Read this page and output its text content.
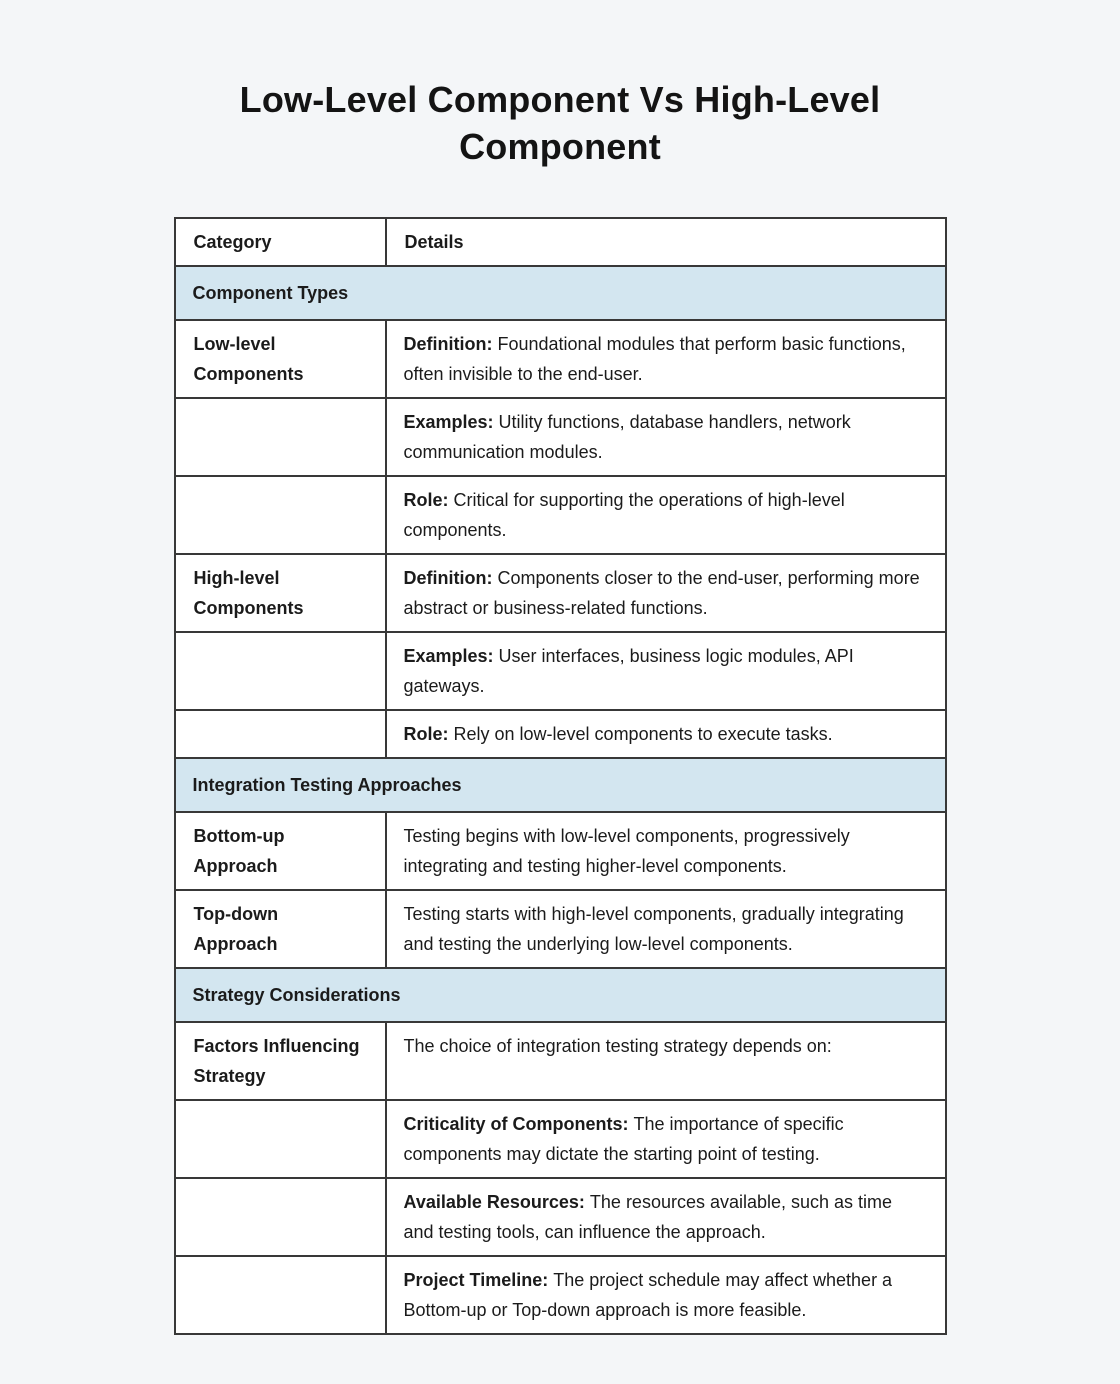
Low-Level Component Vs High-Level Component
Category	Details
Component Types	
Low-level Components	Definition: Foundational modules that perform basic functions, often invisible to the end-user.
	Examples: Utility functions, database handlers, network communication modules.
	Role: Critical for supporting the operations of high-level components.
High-level Components	Definition: Components closer to the end-user, performing more abstract or business-related functions.
	Examples: User interfaces, business logic modules, API gateways.
	Role: Rely on low-level components to execute tasks.
Integration Testing Approaches	
Bottom-up Approach	Testing begins with low-level components, progressively integrating and testing higher-level components.
Top-down Approach	Testing starts with high-level components, gradually integrating and testing the underlying low-level components.
Strategy Considerations	
Factors Influencing Strategy	The choice of integration testing strategy depends on:
	Criticality of Components: The importance of specific components may dictate the starting point of testing.
	Available Resources: The resources available, such as time and testing tools, can influence the approach.
	Project Timeline: The project schedule may affect whether a Bottom-up or Top-down approach is more feasible.
